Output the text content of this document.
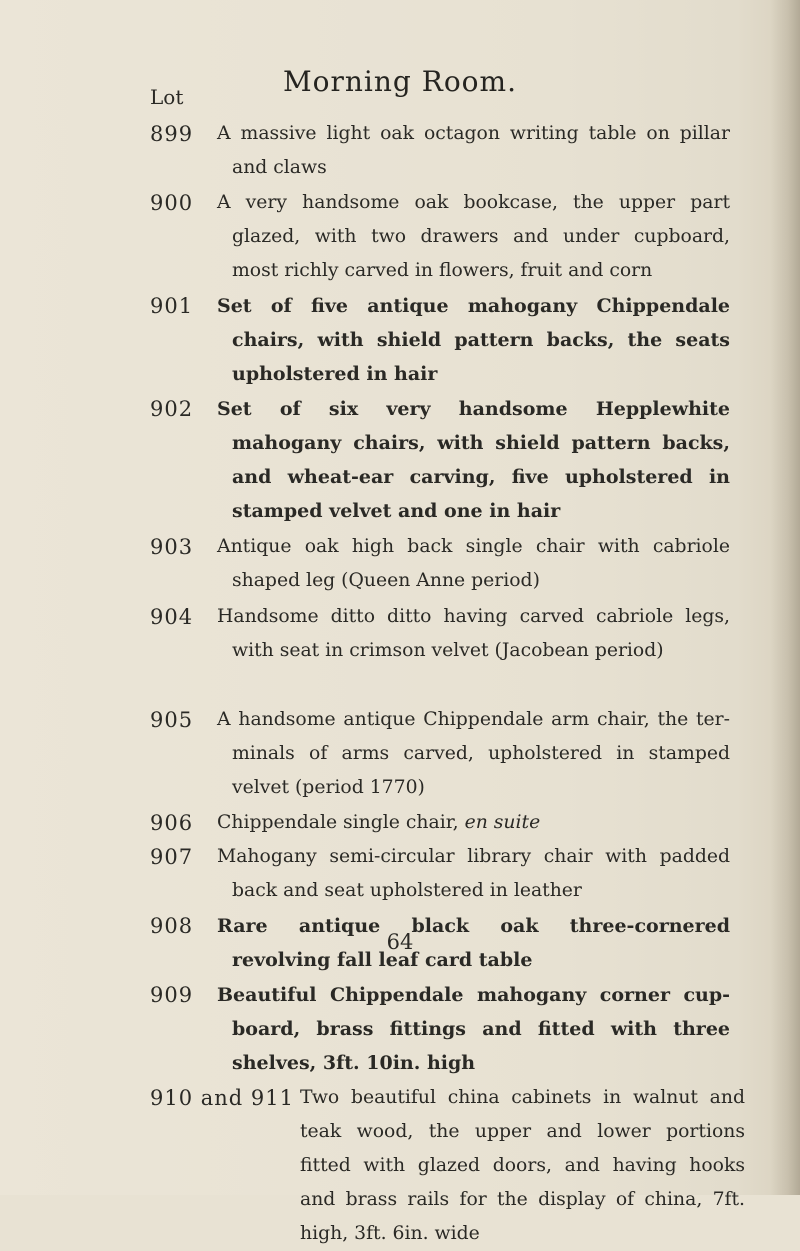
Morning Room.
Lot
899 A massive light oak octagon writing table on pillar and claws
900 A very handsome oak bookcase, the upper part glazed, with two drawers and under cupboard, most richly carved in flowers, fruit and corn
901 Set of five antique mahogany Chippendale chairs, with shield pattern backs, the seats upholstered in hair
902 Set of six very handsome Hepplewhite mahogany chairs, with shield pattern backs, and wheat-ear carving, five upholstered in stamped velvet and one in hair
903 Antique oak high back single chair with cabriole shaped leg (Queen Anne period)
904 Handsome ditto ditto having carved cabriole legs, with seat in crimson velvet (Jacobean period)
905 A handsome antique Chippendale arm chair, the ter- minals of arms carved, upholstered in stamped velvet (period 1770)
906 Chippendale single chair, en suite
907 Mahogany semi-circular library chair with padded back and seat upholstered in leather
908 Rare antique black oak three-cornered revolving fall leaf card table
909 Beautiful Chippendale mahogany corner cup- board, brass fittings and fitted with three shelves, 3ft. 10in. high
910 and 911 Two beautiful china cabinets in walnut and teak wood, the upper and lower portions fitted with glazed doors, and having hooks and brass rails for the display of china, 7ft. high, 3ft. 6in. wide
64
